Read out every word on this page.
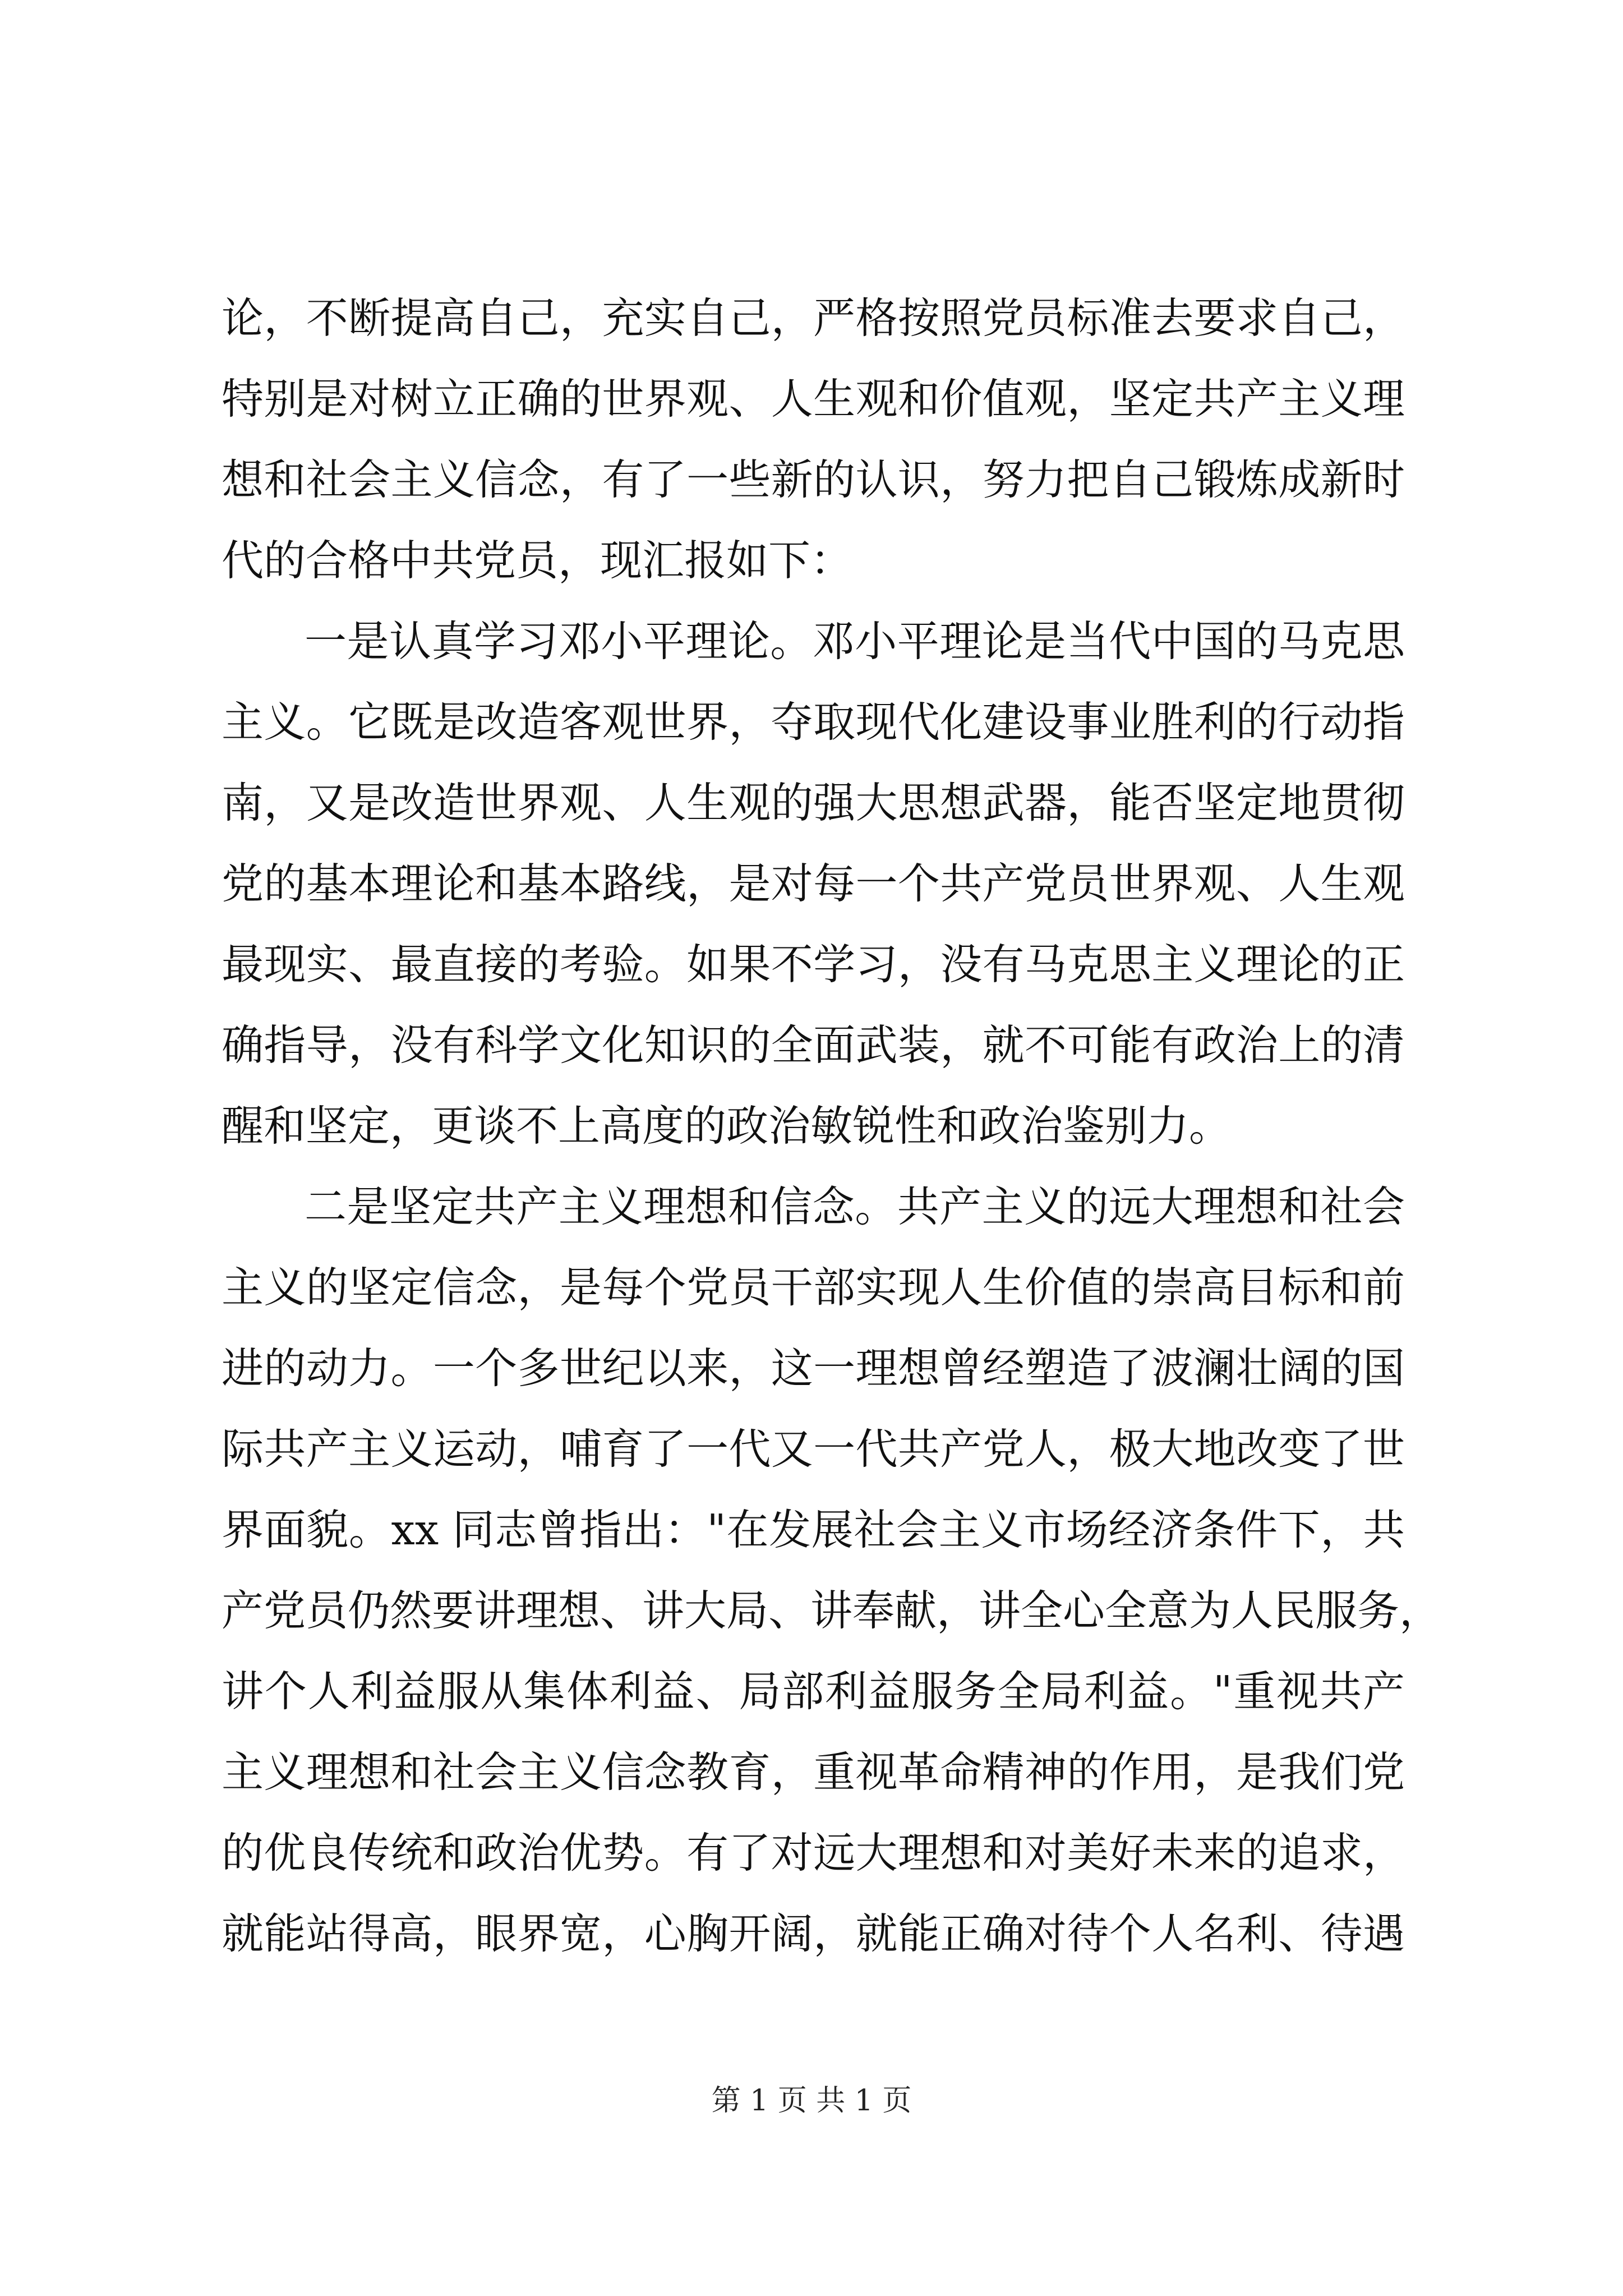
论，不断提高自己，充实自己，严格按照党员标准去要求自己，
特别是对树立正确的世界观、人生观和价值观，坚定共产主义理
想和社会主义信念，有了一些新的认识，努力把自己锻炼成新时
代的合格中共党员，现汇报如下：
一是认真学习邓小平理论。邓小平理论是当代中国的马克思
主义。它既是改造客观世界，夺取现代化建设事业胜利的行动指
南，又是改造世界观、人生观的强大思想武器，能否坚定地贯彻
党的基本理论和基本路线，是对每一个共产党员世界观、人生观
最现实、最直接的考验。如果不学习，没有马克思主义理论的正
确指导，没有科学文化知识的全面武装，就不可能有政治上的清
醒和坚定，更谈不上高度的政治敏锐性和政治鉴别力。
二是坚定共产主义理想和信念。共产主义的远大理想和社会
主义的坚定信念，是每个党员干部实现人生价值的崇高目标和前
进的动力。一个多世纪以来，这一理想曾经塑造了波澜壮阔的国
际共产主义运动，哺育了一代又一代共产党人，极大地改变了世
界面貌。xx 同志曾指出："在发展社会主义市场经济条件下，共
产党员仍然要讲理想、讲大局、讲奉献，讲全心全意为人民服务，
讲个人利益服从集体利益、局部利益服务全局利益。"重视共产
主义理想和社会主义信念教育，重视革命精神的作用，是我们党
的优良传统和政治优势。有了对远大理想和对美好未来的追求，
就能站得高，眼界宽，心胸开阔，就能正确对待个人名利、待遇
第 1 页 共 1 页
